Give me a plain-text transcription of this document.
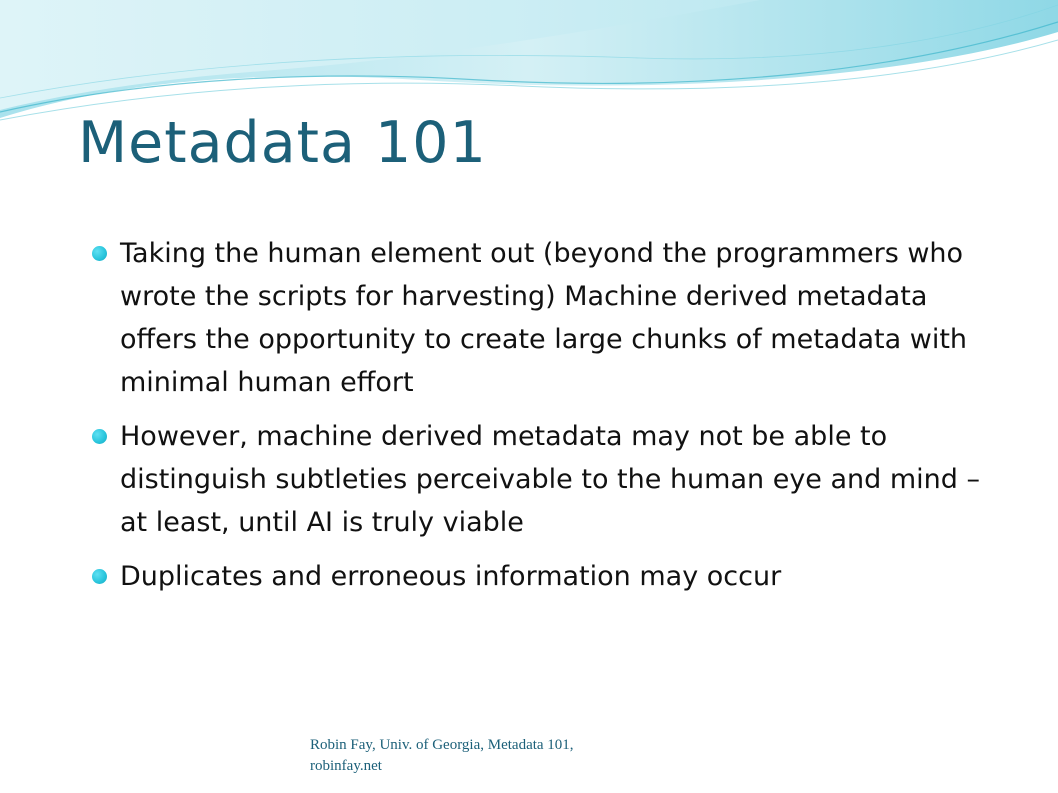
Metadata 101
Taking the human element out (beyond the programmers who wrote the scripts for harvesting) Machine derived metadata offers the opportunity to create large chunks of metadata with minimal human effort
However, machine derived metadata may not be able to distinguish subtleties perceivable to the human eye and mind – at least, until AI is truly viable
Duplicates and erroneous information may occur
Robin Fay, Univ. of Georgia, Metadata 101,
robinfay.net
